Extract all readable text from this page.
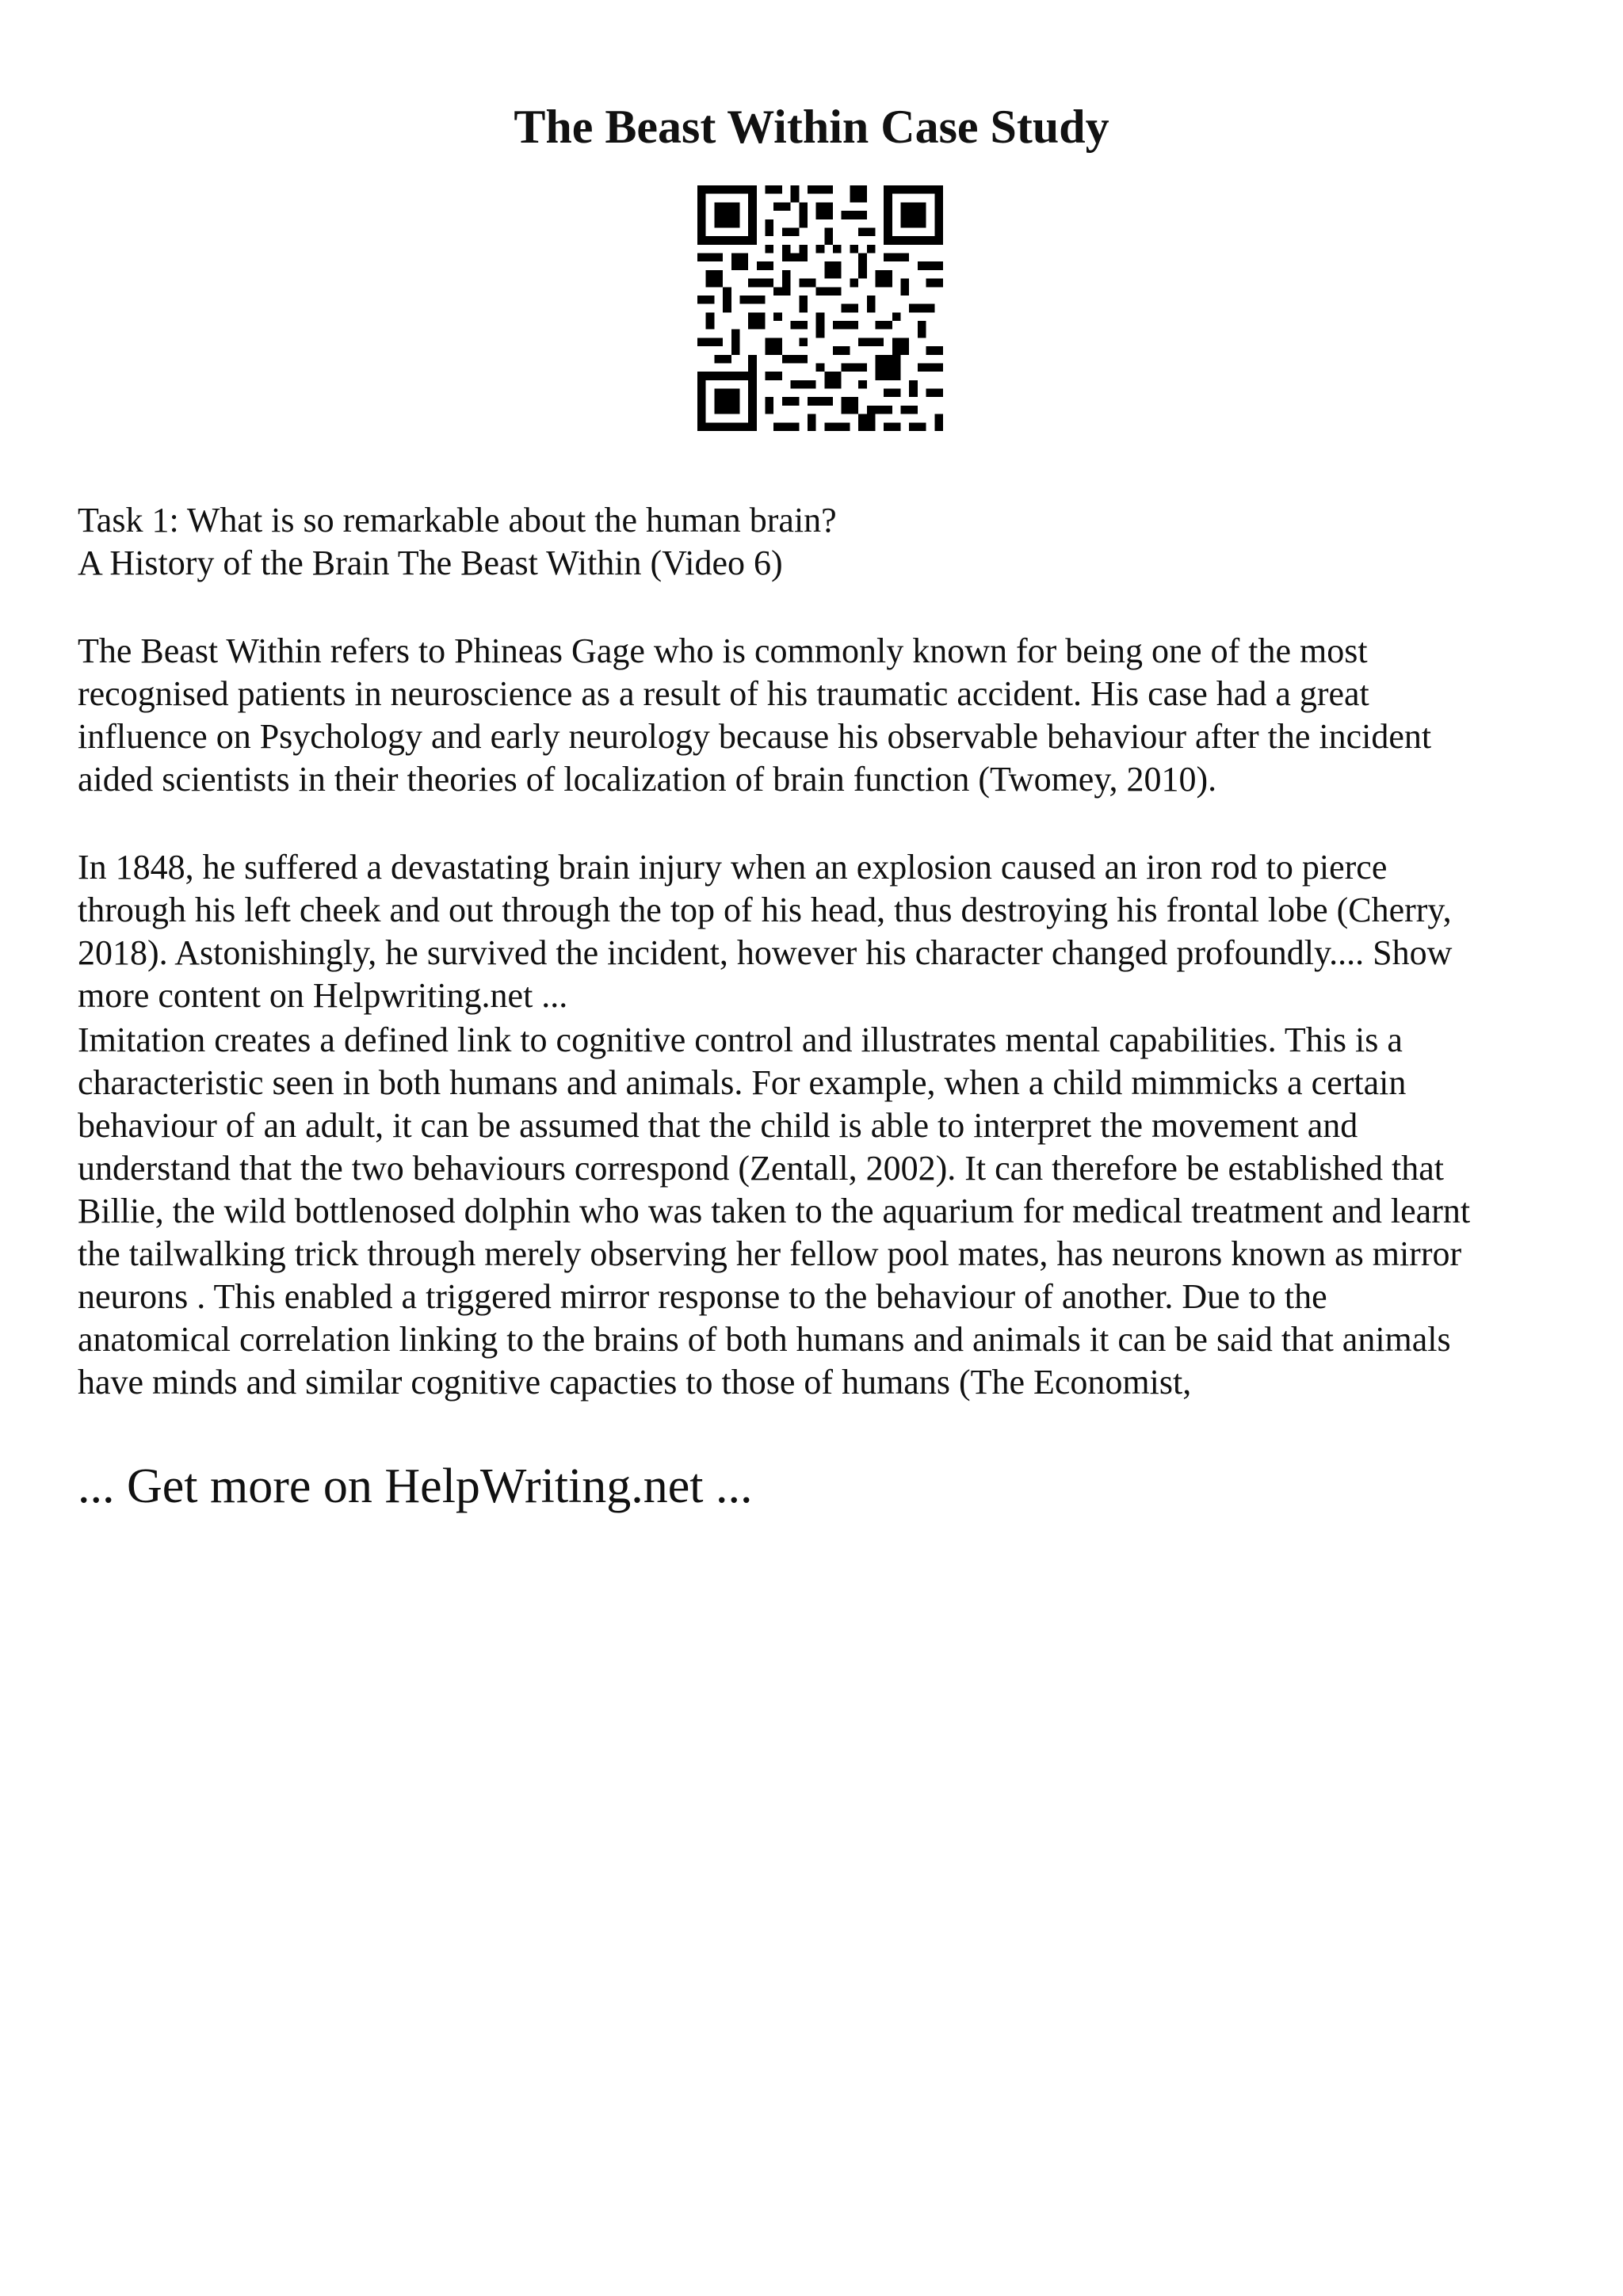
The Beast Within Case Study

Task 1: What is so remarkable about the human brain?
A History of the Brain The Beast Within (Video 6)

The Beast Within refers to Phineas Gage who is commonly known for being one of the most
recognised patients in neuroscience as a result of his traumatic accident. His case had a great
influence on Psychology and early neurology because his observable behaviour after the incident
aided scientists in their theories of localization of brain function (Twomey, 2010).

In 1848, he suffered a devastating brain injury when an explosion caused an iron rod to pierce
through his left cheek and out through the top of his head, thus destroying his frontal lobe (Cherry,
2018). Astonishingly, he survived the incident, however his character changed profoundly.... Show
more content on Helpwriting.net ...

Imitation creates a defined link to cognitive control and illustrates mental capabilities. This is a
characteristic seen in both humans and animals. For example, when a child mimmicks a certain
behaviour of an adult, it can be assumed that the child is able to interpret the movement and
understand that the two behaviours correspond (Zentall, 2002). It can therefore be established that
Billie, the wild bottlenosed dolphin who was taken to the aquarium for medical treatment and learnt
the tailwalking trick through merely observing her fellow pool mates, has neurons known as mirror
neurons . This enabled a triggered mirror response to the behaviour of another. Due to the
anatomical correlation linking to the brains of both humans and animals it can be said that animals
have minds and similar cognitive capacties to those of humans (The Economist,

... Get more on HelpWriting.net ...
